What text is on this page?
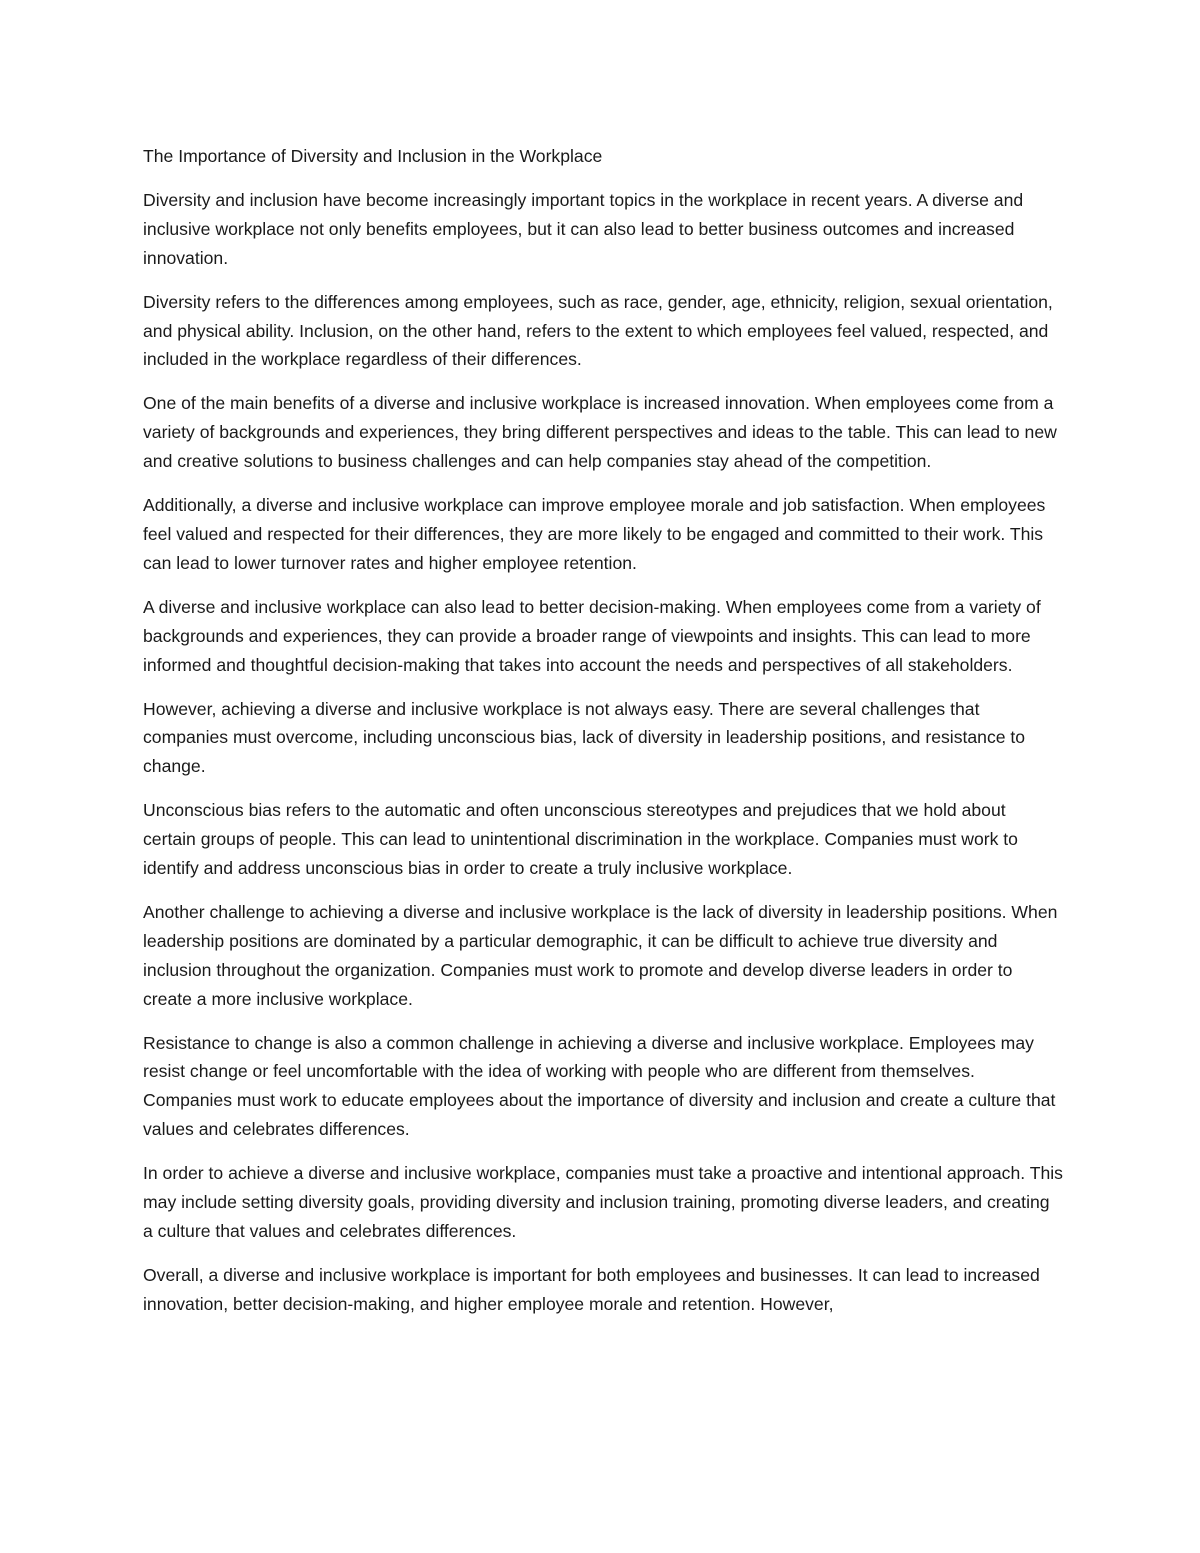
The Importance of Diversity and Inclusion in the Workplace

Diversity and inclusion have become increasingly important topics in the workplace in recent years. A diverse and inclusive workplace not only benefits employees, but it can also lead to better business outcomes and increased innovation.

Diversity refers to the differences among employees, such as race, gender, age, ethnicity, religion, sexual orientation, and physical ability. Inclusion, on the other hand, refers to the extent to which employees feel valued, respected, and included in the workplace regardless of their differences.

One of the main benefits of a diverse and inclusive workplace is increased innovation. When employees come from a variety of backgrounds and experiences, they bring different perspectives and ideas to the table. This can lead to new and creative solutions to business challenges and can help companies stay ahead of the competition.

Additionally, a diverse and inclusive workplace can improve employee morale and job satisfaction. When employees feel valued and respected for their differences, they are more likely to be engaged and committed to their work. This can lead to lower turnover rates and higher employee retention.

A diverse and inclusive workplace can also lead to better decision-making. When employees come from a variety of backgrounds and experiences, they can provide a broader range of viewpoints and insights. This can lead to more informed and thoughtful decision-making that takes into account the needs and perspectives of all stakeholders.

However, achieving a diverse and inclusive workplace is not always easy. There are several challenges that companies must overcome, including unconscious bias, lack of diversity in leadership positions, and resistance to change.

Unconscious bias refers to the automatic and often unconscious stereotypes and prejudices that we hold about certain groups of people. This can lead to unintentional discrimination in the workplace. Companies must work to identify and address unconscious bias in order to create a truly inclusive workplace.

Another challenge to achieving a diverse and inclusive workplace is the lack of diversity in leadership positions. When leadership positions are dominated by a particular demographic, it can be difficult to achieve true diversity and inclusion throughout the organization. Companies must work to promote and develop diverse leaders in order to create a more inclusive workplace.

Resistance to change is also a common challenge in achieving a diverse and inclusive workplace. Employees may resist change or feel uncomfortable with the idea of working with people who are different from themselves. Companies must work to educate employees about the importance of diversity and inclusion and create a culture that values and celebrates differences.

In order to achieve a diverse and inclusive workplace, companies must take a proactive and intentional approach. This may include setting diversity goals, providing diversity and inclusion training, promoting diverse leaders, and creating a culture that values and celebrates differences.

Overall, a diverse and inclusive workplace is important for both employees and businesses. It can lead to increased innovation, better decision-making, and higher employee morale and retention. However,
